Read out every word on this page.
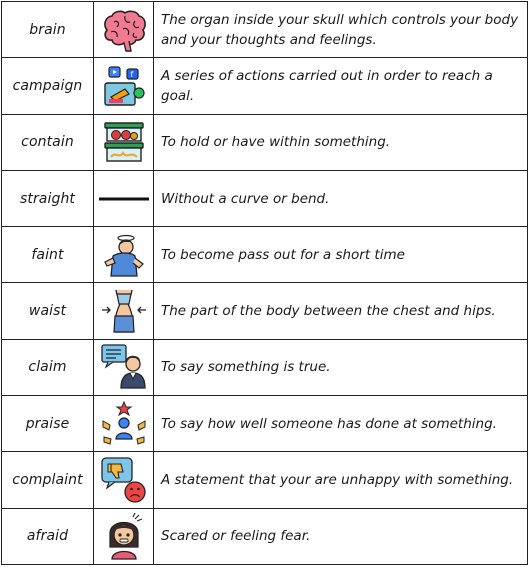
brain		The organ inside your skull which controls your body and your thoughts and feelings.
campaign	f	A series of actions carried out in order to reach a goal.
contain		To hold or have within something.
straight		Without a curve or bend.
faint		To become pass out for a short time
waist		The part of the body between the chest and hips.
claim		To say something is true.
praise		To say how well someone has done at something.
complaint		A statement that your are unhappy with something.
afraid		Scared or feeling fear.
